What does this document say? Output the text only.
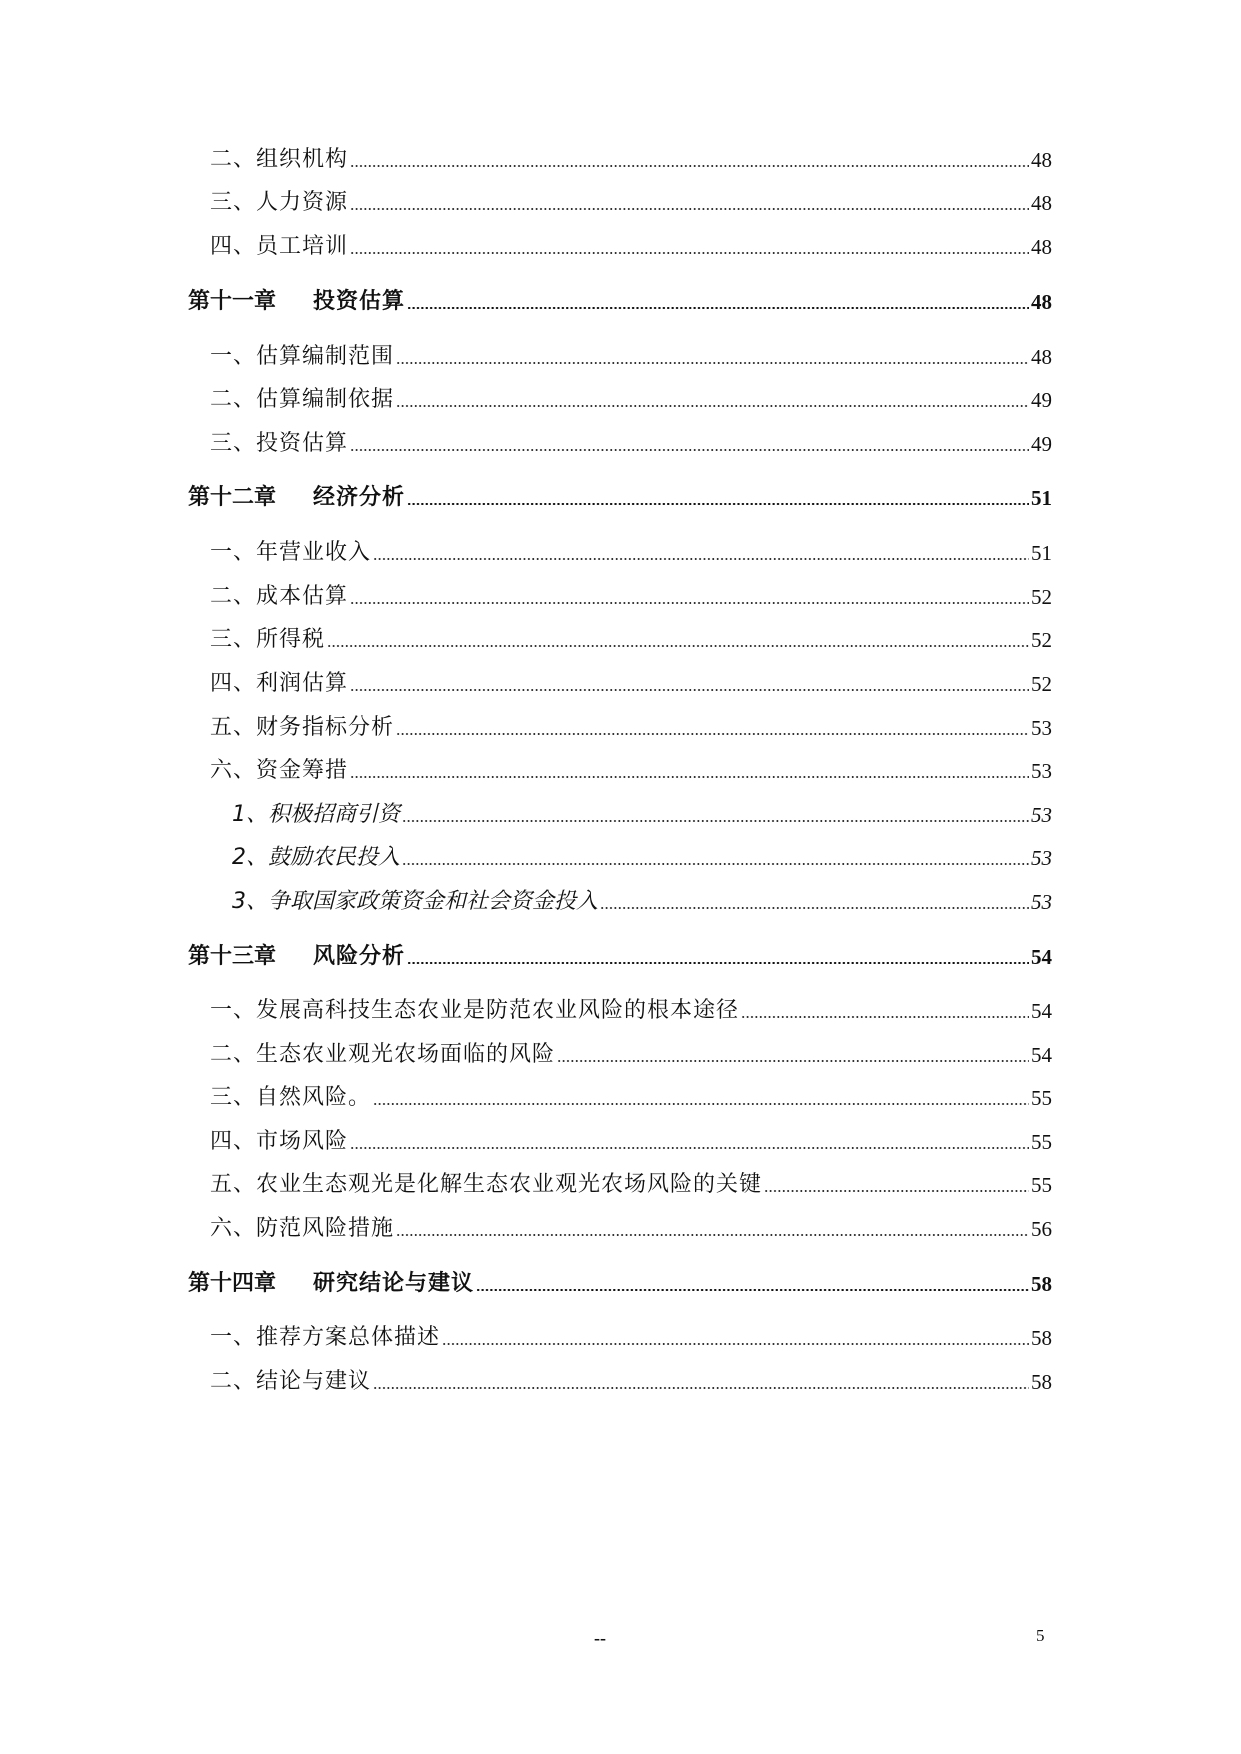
二、组织机构	48
三、人力资源	48
四、员工培训	48
第十一章 投资估算	48
一、估算编制范围	48
二、估算编制依据	49
三、投资估算	49
第十二章 经济分析	51
一、年营业收入	51
二、成本估算	52
三、所得税	52
四、利润估算	52
五、财务指标分析	53
六、资金筹措	53
1、积极招商引资	53
2、鼓励农民投入	53
3、争取国家政策资金和社会资金投入	53
第十三章 风险分析	54
一、发展高科技生态农业是防范农业风险的根本途径	54
二、生态农业观光农场面临的风险	54
三、自然风险。	55
四、市场风险	55
五、农业生态观光是化解生态农业观光农场风险的关键	55
六、防范风险措施	56
第十四章 研究结论与建议	58
一、推荐方案总体描述	58
二、结论与建议	58
--	5
